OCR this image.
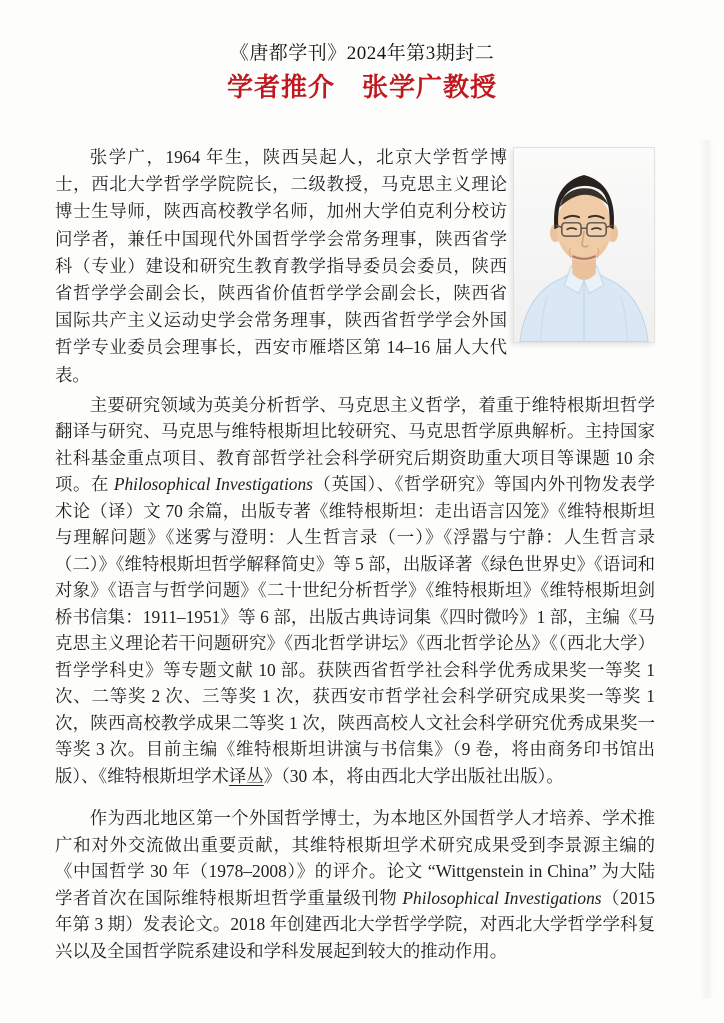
《唐都学刊》2024年第3期封二
学者推介　张学广教授

张学广，1964 年生，陕西吴起人，北京大学哲学博士，西北大学哲学学院院长，二级教授，马克思主义理论博士生导师，陕西高校教学名师，加州大学伯克利分校访问学者，兼任中国现代外国哲学学会常务理事，陕西省学科（专业）建设和研究生教育教学指导委员会委员，陕西省哲学学会副会长，陕西省价值哲学学会副会长，陕西省国际共产主义运动史学会常务理事，陕西省哲学学会外国哲学专业委员会理事长，西安市雁塔区第 14–16 届人大代表。

主要研究领域为英美分析哲学、马克思主义哲学，着重于维特根斯坦哲学翻译与研究、马克思与维特根斯坦比较研究、马克思哲学原典解析。主持国家社科基金重点项目、教育部哲学社会科学研究后期资助重大项目等课题 10 余项。在 Philosophical Investigations（英国）、《哲学研究》等国内外刊物发表学术论（译）文 70 余篇，出版专著《维特根斯坦：走出语言囚笼》《维特根斯坦与理解问题》《迷雾与澄明：人生哲言录（一）》《浮嚣与宁静：人生哲言录（二）》《维特根斯坦哲学解释简史》等 5 部，出版译著《绿色世界史》《语词和对象》《语言与哲学问题》《二十世纪分析哲学》《维特根斯坦》《维特根斯坦剑桥书信集：1911–1951》等 6 部，出版古典诗词集《四时微吟》1 部，主编《马克思主义理论若干问题研究》《西北哲学讲坛》《西北哲学论丛》《（西北大学）哲学学科史》等专题文献 10 部。获陕西省哲学社会科学优秀成果奖一等奖 1 次、二等奖 2 次、三等奖 1 次，获西安市哲学社会科学研究成果奖一等奖 1 次，陕西高校教学成果二等奖 1 次，陕西高校人文社会科学研究优秀成果奖一等奖 3 次。目前主编《维特根斯坦讲演与书信集》（9 卷，将由商务印书馆出版）、《维特根斯坦学术译丛》（30 本，将由西北大学出版社出版）。

作为西北地区第一个外国哲学博士，为本地区外国哲学人才培养、学术推广和对外交流做出重要贡献，其维特根斯坦学术研究成果受到李景源主编的《中国哲学 30 年（1978–2008）》的评介。论文 “Wittgenstein in China” 为大陆学者首次在国际维特根斯坦哲学重量级刊物 Philosophical Investigations（2015 年第 3 期）发表论文。2018 年创建西北大学哲学学院，对西北大学哲学学科复兴以及全国哲学院系建设和学科发展起到较大的推动作用。
